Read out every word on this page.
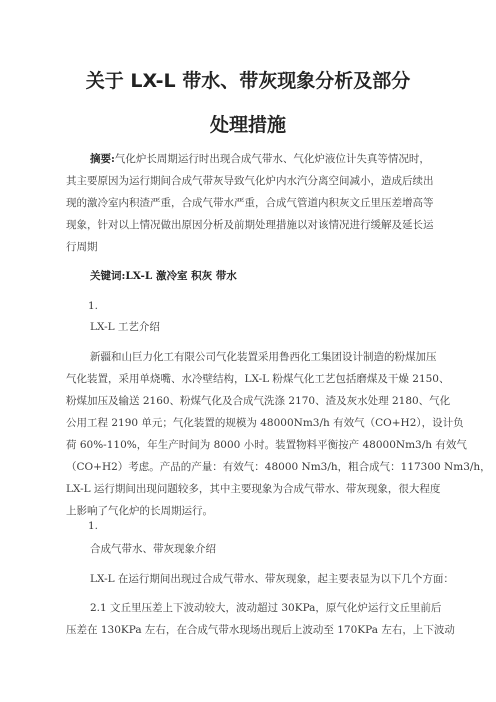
关于 LX-L 带水、带灰现象分析及部分
处理措施
摘要:气化炉长周期运行时出现合成气带水、气化炉液位计失真等情况时，
其主要原因为运行期间合成气带灰导致气化炉内水汽分离空间减小，造成后续出
现的激冷室内积渣严重，合成气带水严重，合成气管道内积灰文丘里压差增高等
现象，针对以上情况做出原因分析及前期处理措施以对该情况进行缓解及延长运
行周期
关键词:LX-L 激冷室 积灰 带水
1.
LX-L 工艺介绍
新疆和山巨力化工有限公司气化装置采用鲁西化工集团设计制造的粉煤加压
气化装置，采用单烧嘴、水冷壁结构，LX-L 粉煤气化工艺包括磨煤及干燥 2150、
粉煤加压及输送 2160、粉煤气化及合成气洗涤 2170、渣及灰水处理 2180、气化
公用工程 2190 单元；气化装置的规模为 48000Nm3/h 有效气（CO+H2），设计负
荷 60%-110%，年生产时间为 8000 小时。装置物料平衡按产 48000Nm3/h 有效气
（CO+H2）考虑。产品的产量：有效气：48000 Nm3/h，粗合成气：117300 Nm3/h，
LX-L 运行期间出现问题较多，其中主要现象为合成气带水、带灰现象，很大程度
上影响了气化炉的长周期运行。
1.
合成气带水、带灰现象介绍
LX-L 在运行期间出现过合成气带水、带灰现象，起主要表显为以下几个方面：
2.1 文丘里压差上下波动较大，波动超过 30KPa，原气化炉运行文丘里前后
压差在 130KPa 左右，在合成气带水现场出现后上波动至 170KPa 左右，上下波动
